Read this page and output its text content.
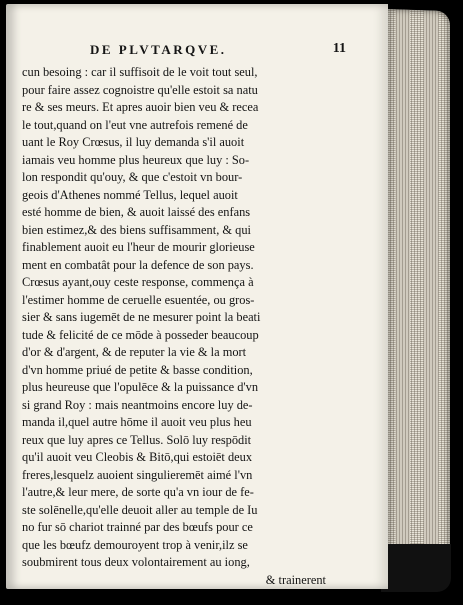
DE PLVTARQVE.	11
cun besoing : car il suffisoit de le voit tout seul,
pour faire assez cognoistre qu'elle estoit sa natu
re & ses meurs. Et apres auoir bien veu & recea
le tout,quand on l'eut vne autrefois remené de
uant le Roy Crœsus, il luy demanda s'il auoit
iamais veu homme plus heureux que luy : So-
lon respondit qu'ouy, & que c'estoit vn bour-
geois d'Athenes nommé Tellus, lequel auoit
esté homme de bien, & auoit laissé des enfans
bien estimez,& des biens suffisamment, & qui
finablement auoit eu l'heur de mourir glorieuse
ment en combatât pour la defence de son pays.
Crœsus ayant,ouy ceste response, commença à
l'estimer homme de ceruelle esuentée, ou gros-
sier & sans iugemēt de ne mesurer point la beati
tude & felicité de ce mōde à posseder beaucoup
d'or & d'argent, & de reputer la vie & la mort
d'vn homme priué de petite & basse condition,
plus heureuse que l'opulēce & la puissance d'vn
si grand Roy : mais neantmoins encore luy de-
manda il,quel autre hōme il auoit veu plus heu
reux que luy apres ce Tellus. Solō luy respōdit
qu'il auoit veu Cleobis & Bitō,qui estoiēt deux
freres,lesquelz auoient singulieremēt aimé l'vn
l'autre,& leur mere, de sorte qu'a vn iour de fe-
ste solēnelle,qu'elle deuoit aller au temple de Iu
no fur sō chariot trainné par des bœufs pour ce
que les bœufz demouroyent trop à venir,ilz se
soubmirent tous deux volontairement au iong,
& trainerent
